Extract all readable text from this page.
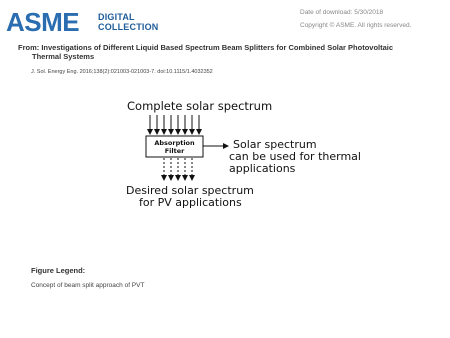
ASME DIGITAL
COLLECTION
Date of download: 5/30/2018
Copyright © ASME. All rights reserved.
From: Investigations of Different Liquid Based Spectrum Beam Splitters for Combined Solar Photovoltaic
Thermal Systems
J. Sol. Energy Eng. 2016;138(2):021003-021003-7. doi:10.1115/1.4032352
Complete solar spectrum
Absorption
Filter	Solar spectrum
can be used for thermal
applications
Desired solar spectrum
for PV applications
Figure Legend:
Concept of beam split approach of PVT
